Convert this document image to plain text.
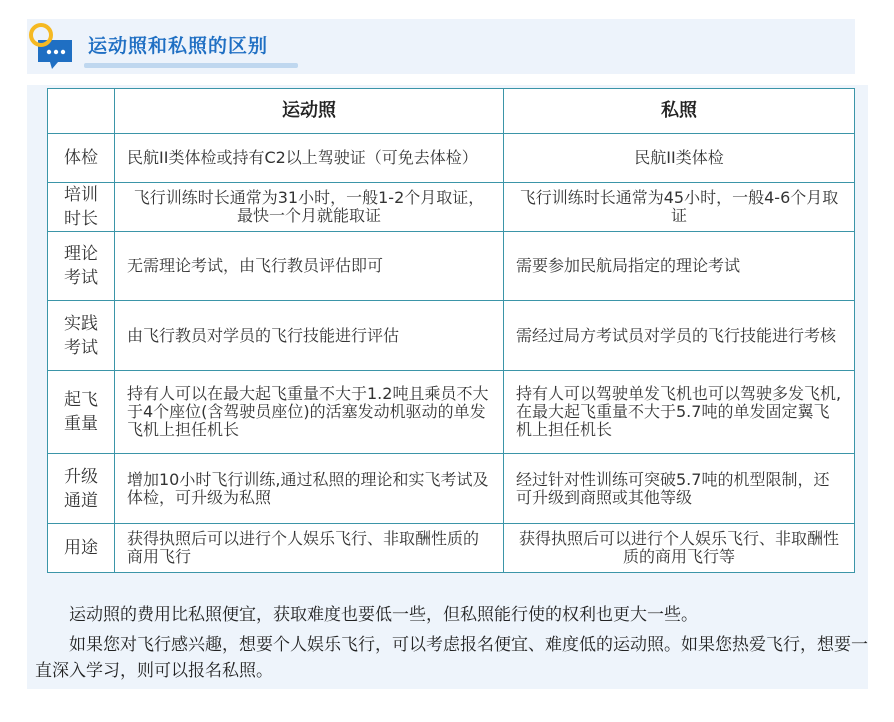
运动照和私照的区别
	运动照	私照
体检	民航II类体检或持有C2以上驾驶证（可免去体检）	民航II类体检
培训时长	飞行训练时长通常为31小时，一般1-2个月取证，最快一个月就能取证	飞行训练时长通常为45小时，一般4-6个月取证
理论考试	无需理论考试，由飞行教员评估即可	需要参加民航局指定的理论考试
实践考试	由飞行教员对学员的飞行技能进行评估	需经过局方考试员对学员的飞行技能进行考核
起飞重量	持有人可以在最大起飞重量不大于1.2吨且乘员不大于4个座位(含驾驶员座位)的活塞发动机驱动的单发飞机上担任机长	持有人可以驾驶单发飞机也可以驾驶多发飞机,在最大起飞重量不大于5.7吨的单发固定翼飞机上担任机长
升级通道	增加10小时飞行训练,通过私照的理论和实飞考试及体检，可升级为私照	经过针对性训练可突破5.7吨的机型限制，还可升级到商照或其他等级
用途	获得执照后可以进行个人娱乐飞行、非取酬性质的商用飞行	获得执照后可以进行个人娱乐飞行、非取酬性质的商用飞行等
运动照的费用比私照便宜，获取难度也要低一些，但私照能行使的权利也更大一些。
如果您对飞行感兴趣，想要个人娱乐飞行，可以考虑报名便宜、难度低的运动照。如果您热爱飞行，想要一直深入学习，则可以报名私照。
